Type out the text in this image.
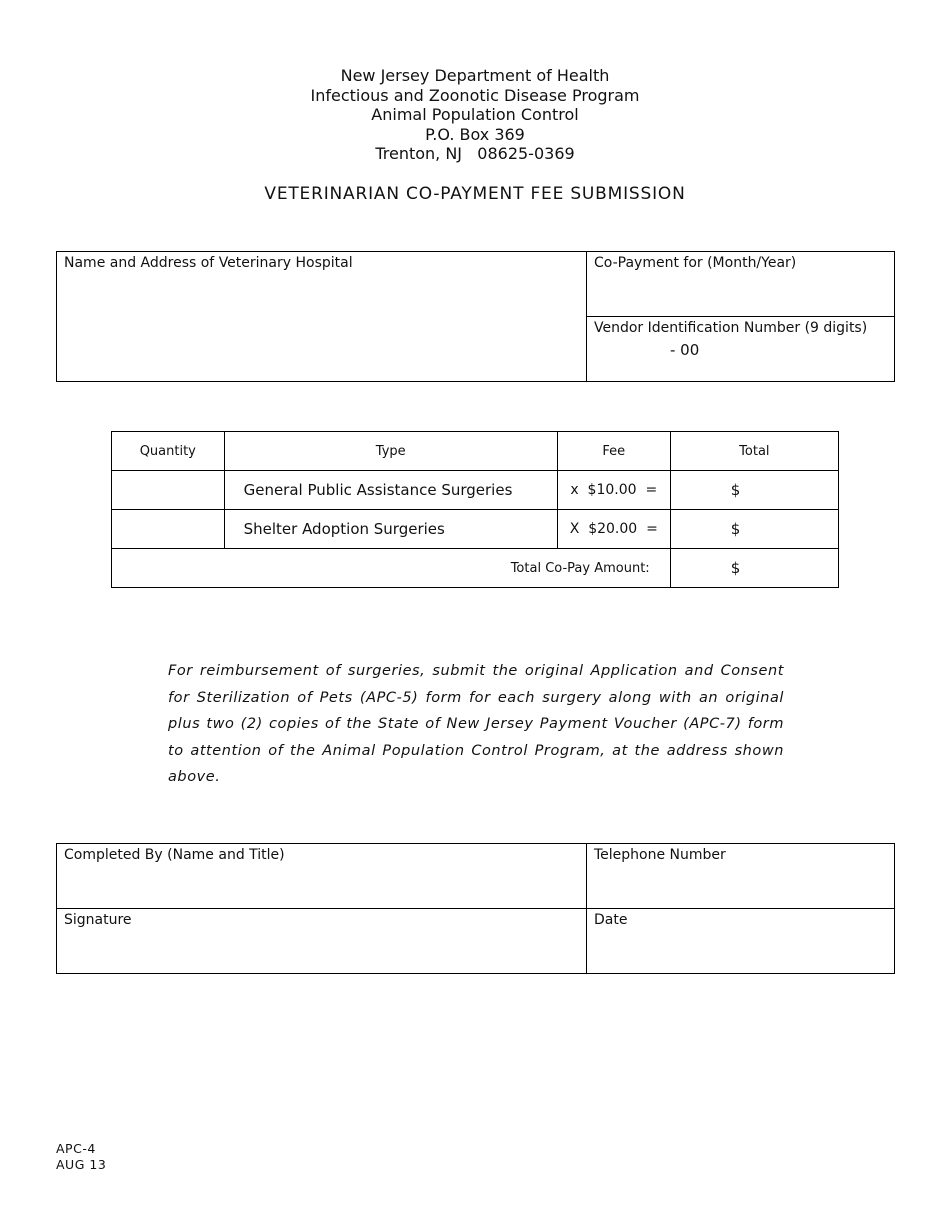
New Jersey Department of Health
Infectious and Zoonotic Disease Program
Animal Population Control
P.O. Box 369
Trenton, NJ   08625-0369
VETERINARIAN CO-PAYMENT FEE SUBMISSION
Name and Address of Veterinary Hospital	Co-Payment for (Month/Year)
Vendor Identification Number (9 digits)
- 00
Quantity	Type	Fee	Total
	General Public Assistance Surgeries	x  $10.00  =	$
	Shelter Adoption Surgeries	X  $20.00  =	$
Total Co-Pay Amount:			$
For reimbursement of surgeries, submit the original Application and Consent for Sterilization of Pets (APC-5) form for each surgery along with an original plus two (2) copies of the State of New Jersey Payment Voucher (APC-7) form to attention of the Animal Population Control Program, at the address shown above.
Completed By (Name and Title)	Telephone Number
Signature	Date
APC-4
AUG 13
